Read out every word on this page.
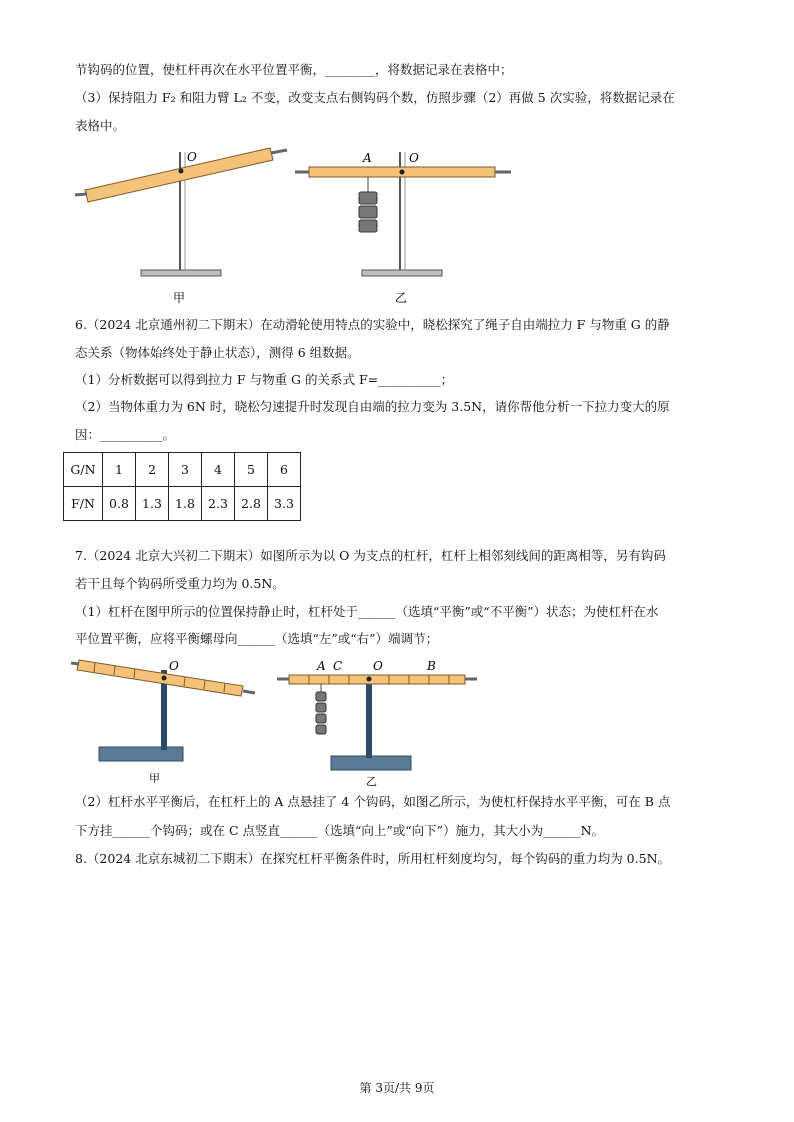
节钩码的位置，使杠杆再次在水平位置平衡，________，将数据记录在表格中；
（3）保持阻力 F₂ 和阻力臂 L₂ 不变，改变支点右侧钩码个数，仿照步骤（2）再做 5 次实验，将数据记录在
表格中。
O
甲
O
A
乙
6.（2024 北京通州初二下期末）在动滑轮使用特点的实验中，晓松探究了绳子自由端拉力 F 与物重 G 的静
态关系（物体始终处于静止状态），测得 6 组数据。
（1）分析数据可以得到拉力 F 与物重 G 的关系式 F=__________；
（2）当物体重力为 6N 时，晓松匀速提升时发现自由端的拉力变为 3.5N，请你帮他分析一下拉力变大的原
因：__________。
G/N	1	2	3	4	5	6
F/N	0.8	1.3	1.8	2.3	2.8	3.3
7.（2024 北京大兴初二下期末）如图所示为以 O 为支点的杠杆，杠杆上相邻刻线间的距离相等，另有钩码
若干且每个钩码所受重力均为 0.5N。
（1）杠杆在图甲所示的位置保持静止时，杠杆处于______（选填“平衡”或“不平衡”）状态；为使杠杆在水
平位置平衡，应将平衡螺母向______（选填“左”或“右”）端调节；
O
甲
A C	O	B
乙
（2）杠杆水平平衡后，在杠杆上的 A 点悬挂了 4 个钩码，如图乙所示，为使杠杆保持水平平衡，可在 B 点
下方挂______个钩码；或在 C 点竖直______（选填“向上”或“向下”）施力，其大小为______N。
8.（2024 北京东城初二下期末）在探究杠杆平衡条件时，所用杠杆刻度均匀，每个钩码的重力均为 0.5N。
第 3页/共 9页
